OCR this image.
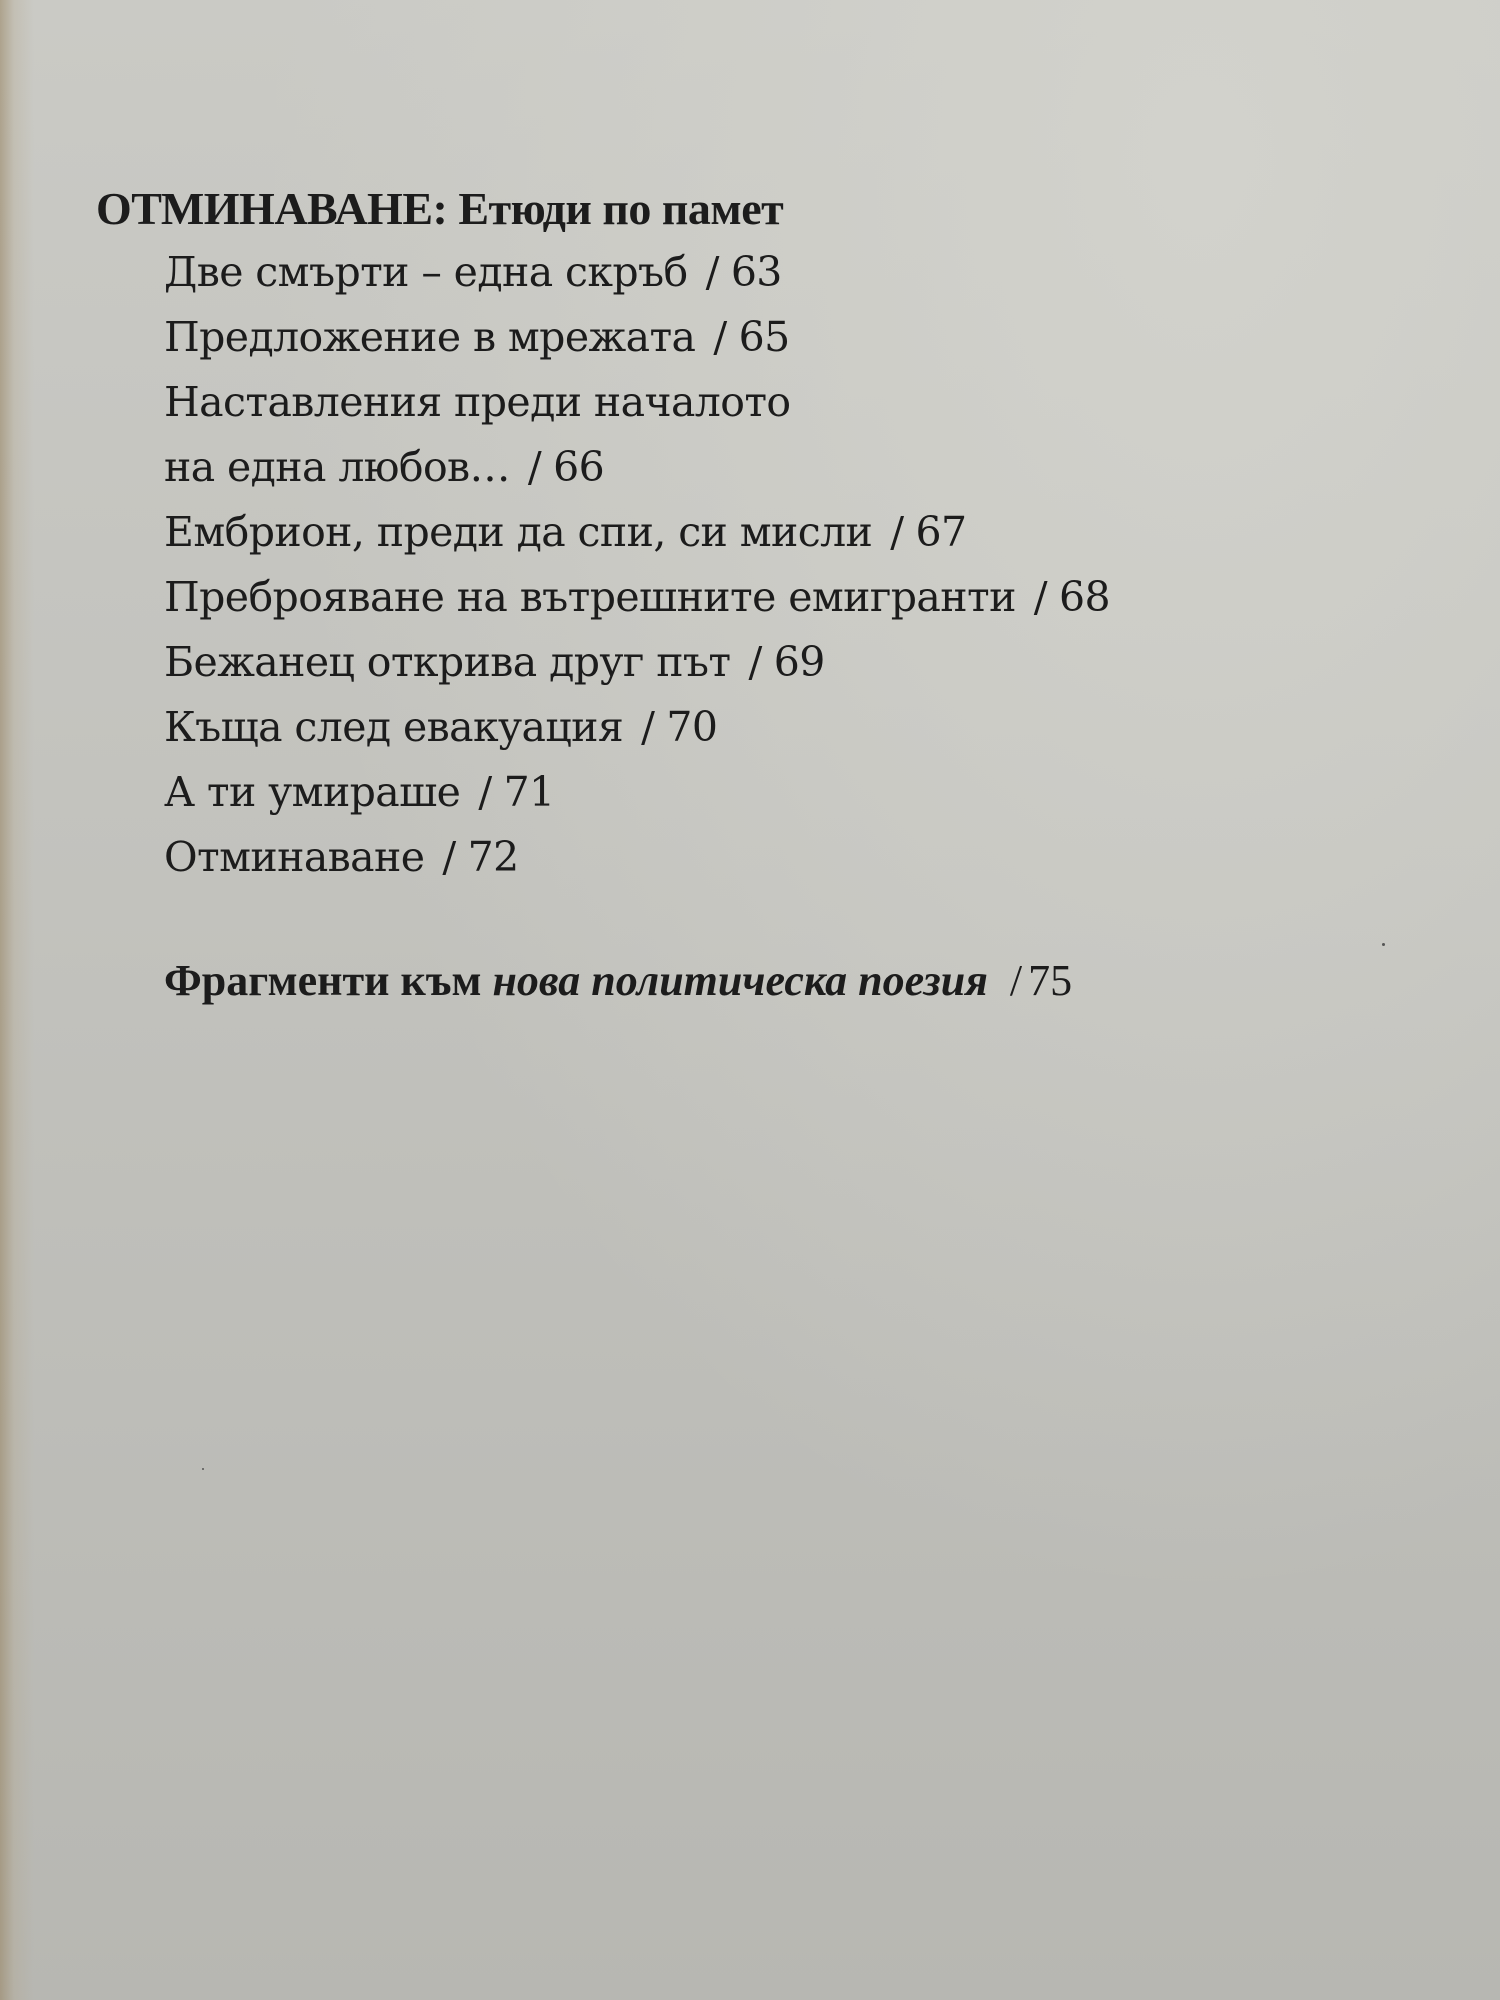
ОТМИНАВАНЕ: Етюди по памет
Две смърти – една скръб / 63
Предложение в мрежата / 65
Наставления преди началото
на една любов… / 66
Ембрион, преди да спи, си мисли / 67
Преброяване на вътрешните емигранти / 68
Бежанец открива друг път / 69
Къща след евакуация / 70
А ти умираше / 71
Отминаване / 72
Фрагменти към нова политическа поезия / 75
